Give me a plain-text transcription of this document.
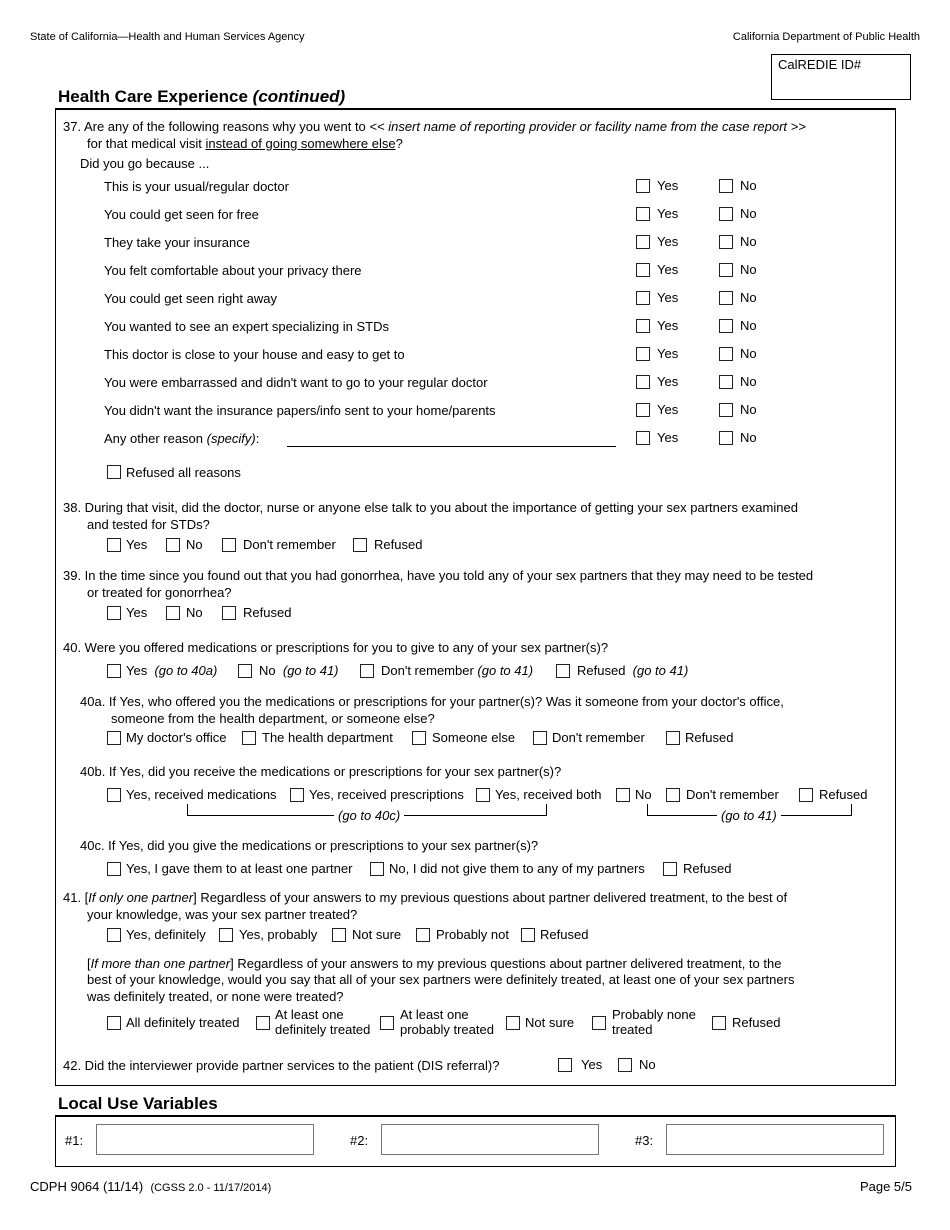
State of California—Health and Human Services Agency	California Department of Public Health
CalREDIE ID#
Health Care Experience (continued)
37. Are any of the following reasons why you went to << insert name of reporting provider or facility name from the case report >>
for that medical visit instead of going somewhere else?
Did you go because ...
This is your usual/regular doctor	Yes	No
You could get seen for free	Yes	No
They take your insurance	Yes	No
You felt comfortable about your privacy there	Yes	No
You could get seen right away	Yes	No
You wanted to see an expert specializing in STDs	Yes	No
This doctor is close to your house and easy to get to	Yes	No
You were embarrassed and didn't want to go to your regular doctor	Yes	No
You didn't want the insurance papers/info sent to your home/parents	Yes	No
Any other reason (specify):	Yes	No
Refused all reasons
38. During that visit, did the doctor, nurse or anyone else talk to you about the importance of getting your sex partners examined
and tested for STDs?
Yes	No	Don't remember	Refused
39. In the time since you found out that you had gonorrhea, have you told any of your sex partners that they may need to be tested
or treated for gonorrhea?
Yes	No	Refused
40. Were you offered medications or prescriptions for you to give to any of your sex partner(s)?
Yes (go to 40a)	No (go to 41)	Don't remember (go to 41)	Refused (go to 41)
40a. If Yes, who offered you the medications or prescriptions for your partner(s)? Was it someone from your doctor's office,
someone from the health department, or someone else?
My doctor's office	The health department	Someone else	Don't remember	Refused
40b. If Yes, did you receive the medications or prescriptions for your sex partner(s)?
Yes, received medications Yes, received prescriptions Yes, received both	No	Don't remember	Refused
(go to 40c)	(go to 41)
40c. If Yes, did you give the medications or prescriptions to your sex partner(s)?
Yes, I gave them to at least one partner	No, I did not give them to any of my partners	Refused
41. [If only one partner] Regardless of your answers to my previous questions about partner delivered treatment, to the best of
your knowledge, was your sex partner treated?
Yes, definitely	Yes, probably	Not sure	Probably not Refused
[If more than one partner] Regardless of your answers to my previous questions about partner delivered treatment, to the
best of your knowledge, would you say that all of your sex partners were definitely treated, at least one of your sex partners
was definitely treated, or none were treated?
All definitely treated
At least one
definitely treated
At least one
probably treated Not sure
Probably none
treated	Refused
42. Did the interviewer provide partner services to the patient (DIS referral)?	Yes	No
Local Use Variables
#1:	#2:	#3:
CDPH 9064 (11/14) (CGSS 2.0 - 11/17/2014)	Page 5/5
